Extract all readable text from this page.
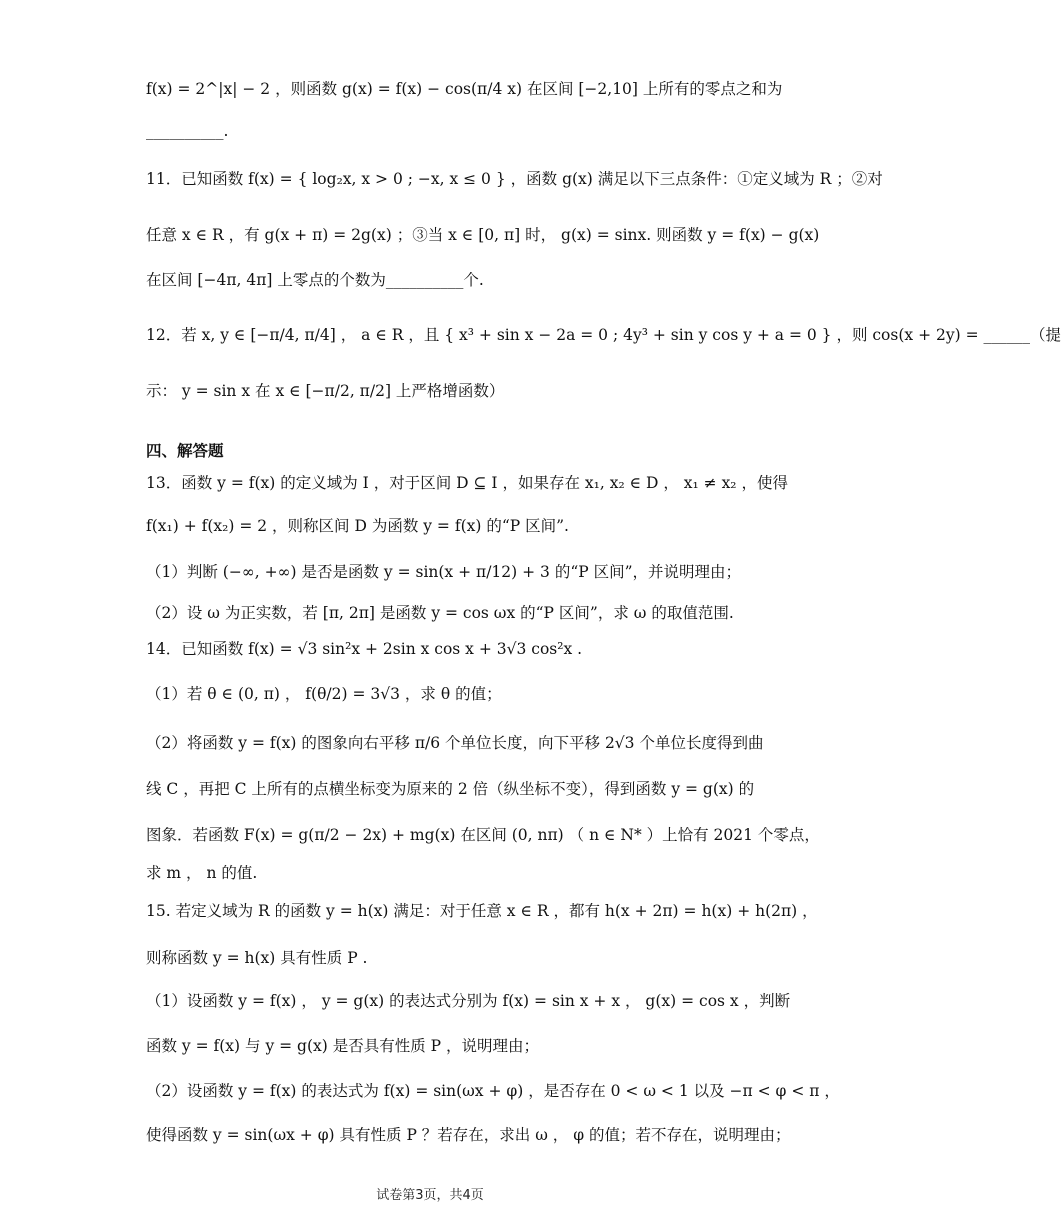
f(x) = 2^|x| − 2 ，则函数 g(x) = f(x) − cos(π/4 x) 在区间 [−2,10] 上所有的零点之和为
__________.
11．已知函数 f(x) = { log₂x, x > 0 ; −x, x ≤ 0 } ，函数 g(x) 满足以下三点条件：①定义域为 R ；②对
任意 x ∈ R ，有 g(x + π) = 2g(x) ；③当 x ∈ [0, π] 时， g(x) = sinx. 则函数 y = f(x) − g(x)
在区间 [−4π, 4π] 上零点的个数为__________个.
12．若 x, y ∈ [−π/4, π/4] ， a ∈ R ，且 { x³ + sin x − 2a = 0 ; 4y³ + sin y cos y + a = 0 } ，则 cos(x + 2y) = ______（提
示： y = sin x 在 x ∈ [−π/2, π/2] 上严格增函数）
四、解答题
13．函数 y = f(x) 的定义域为 I ，对于区间 D ⊆ I ，如果存在 x₁, x₂ ∈ D ， x₁ ≠ x₂ ，使得
f(x₁) + f(x₂) = 2 ，则称区间 D 为函数 y = f(x) 的“P 区间”.
（1）判断 (−∞, +∞) 是否是函数 y = sin(x + π/12) + 3 的“P 区间”，并说明理由；
（2）设 ω 为正实数，若 [π, 2π] 是函数 y = cos ωx 的“P 区间”，求 ω 的取值范围.
14．已知函数 f(x) = √3 sin²x + 2sin x cos x + 3√3 cos²x .
（1）若 θ ∈ (0, π) ， f(θ/2) = 3√3 ，求 θ 的值；
（2）将函数 y = f(x) 的图象向右平移 π/6 个单位长度，向下平移 2√3 个单位长度得到曲
线 C ，再把 C 上所有的点横坐标变为原来的 2 倍（纵坐标不变），得到函数 y = g(x) 的
图象．若函数 F(x) = g(π/2 − 2x) + mg(x) 在区间 (0, nπ) （ n ∈ N* ）上恰有 2021 个零点，
求 m ， n 的值.
15. 若定义域为 R 的函数 y = h(x) 满足：对于任意 x ∈ R ，都有 h(x + 2π) = h(x) + h(2π) ，
则称函数 y = h(x) 具有性质 P .
（1）设函数 y = f(x) ， y = g(x) 的表达式分别为 f(x) = sin x + x ， g(x) = cos x ，判断
函数 y = f(x) 与 y = g(x) 是否具有性质 P ，说明理由；
（2）设函数 y = f(x) 的表达式为 f(x) = sin(ωx + φ) ，是否存在 0 < ω < 1 以及 −π < φ < π ，
使得函数 y = sin(ωx + φ) 具有性质 P ？若存在，求出 ω ， φ 的值；若不存在，说明理由；
试卷第3页，共4页
